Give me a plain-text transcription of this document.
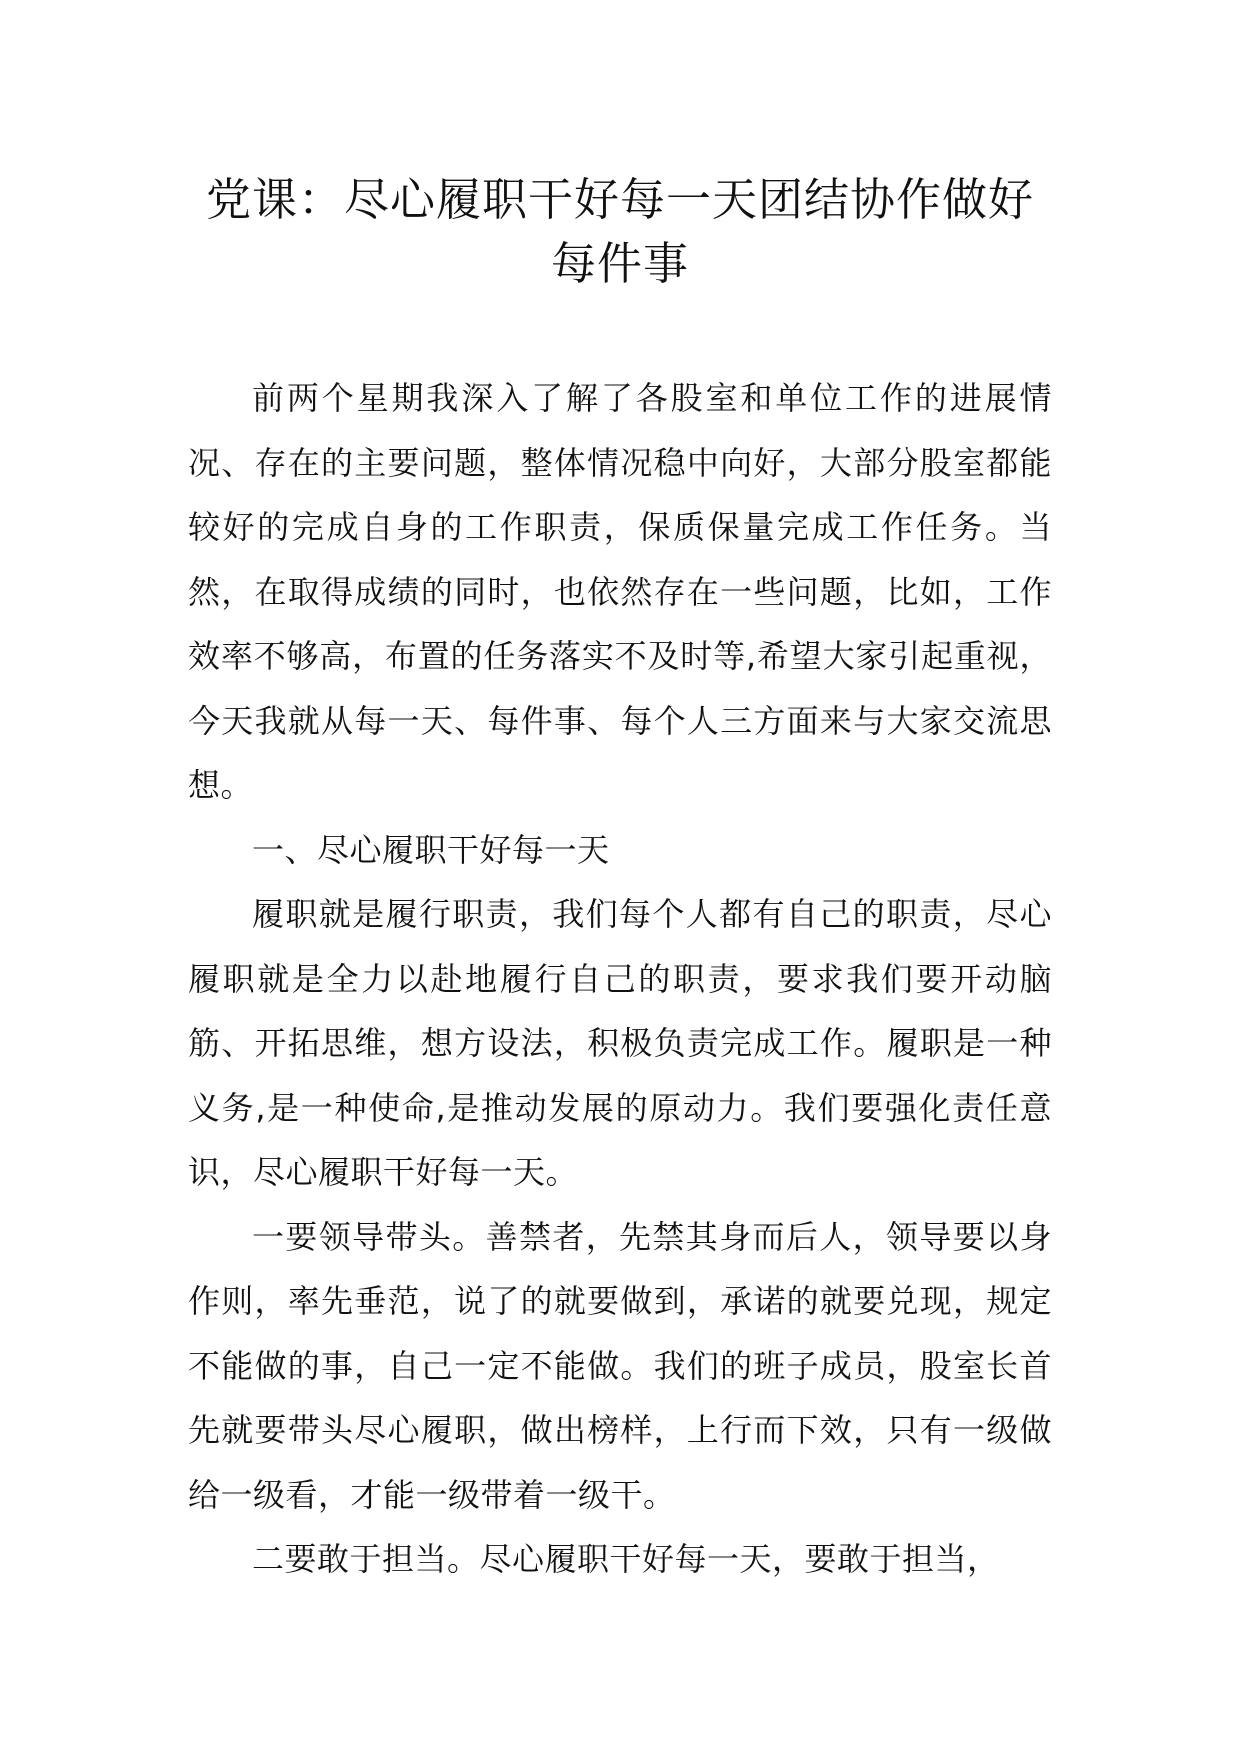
党课：尽心履职干好每一天团结协作做好
每件事

前两个星期我深入了解了各股室和单位工作的进展情况、存在的主要问题，整体情况稳中向好，大部分股室都能较好的完成自身的工作职责，保质保量完成工作任务。当然，在取得成绩的同时，也依然存在一些问题，比如，工作效率不够高，布置的任务落实不及时等,希望大家引起重视，今天我就从每一天、每件事、每个人三方面来与大家交流思想。

一、尽心履职干好每一天

履职就是履行职责，我们每个人都有自己的职责，尽心履职就是全力以赴地履行自己的职责，要求我们要开动脑筋、开拓思维，想方设法，积极负责完成工作。履职是一种义务,是一种使命,是推动发展的原动力。我们要强化责任意识，尽心履职干好每一天。

一要领导带头。善禁者，先禁其身而后人，领导要以身作则，率先垂范，说了的就要做到，承诺的就要兑现，规定不能做的事，自己一定不能做。我们的班子成员，股室长首先就要带头尽心履职，做出榜样，上行而下效，只有一级做给一级看，才能一级带着一级干。

二要敢于担当。尽心履职干好每一天，要敢于担当，
